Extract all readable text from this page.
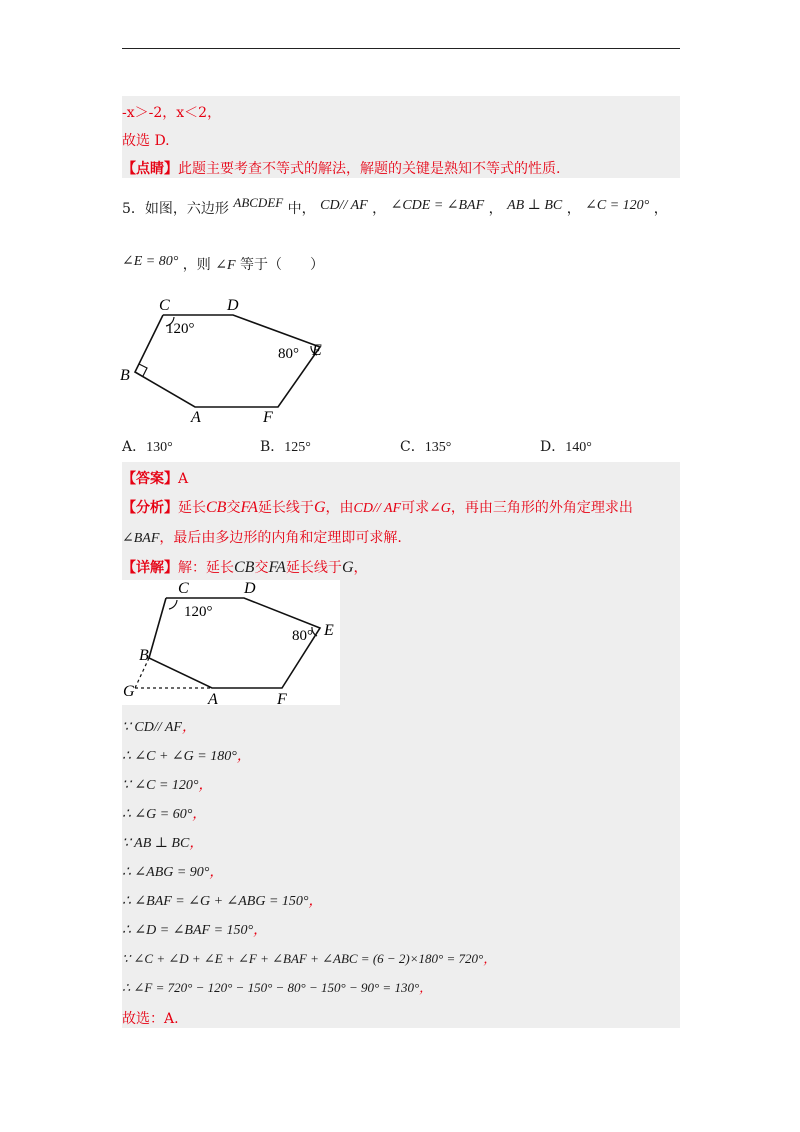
-x＞-2，x＜2，
故选 D.
【点睛】此题主要考查不等式的解法，解题的关键是熟知不等式的性质.
5．如图，六边形 ABCDEF 中， CD// AF ， ∠CDE = ∠BAF ， AB ⊥ BC ， ∠C = 120° ，
∠E = 80° ，则 ∠F 等于（　　）
C	D
E
F
A
B
120°
80°
A．130°	B．125°	C．135°	D．140°
【答案】A
【分析】延长CB交FA延长线于G，由CD// AF可求∠G，再由三角形的外角定理求出
∠BAF，最后由多边形的内角和定理即可求解.
【详解】解：延长CB交FA延长线于G，
C	D
E
F
A
B
G
120°
80°
∵ CD// AF，
∴ ∠C + ∠G = 180°，
∵ ∠C = 120°，
∴ ∠G = 60°，
∵ AB ⊥ BC，
∴ ∠ABG = 90°，
∴ ∠BAF = ∠G + ∠ABG = 150°，
∴ ∠D = ∠BAF = 150°，
∵ ∠C + ∠D + ∠E + ∠F + ∠BAF + ∠ABC = (6 − 2)×180° = 720°，
∴ ∠F = 720° − 120° − 150° − 80° − 150° − 90° = 130°，
故选：A.
